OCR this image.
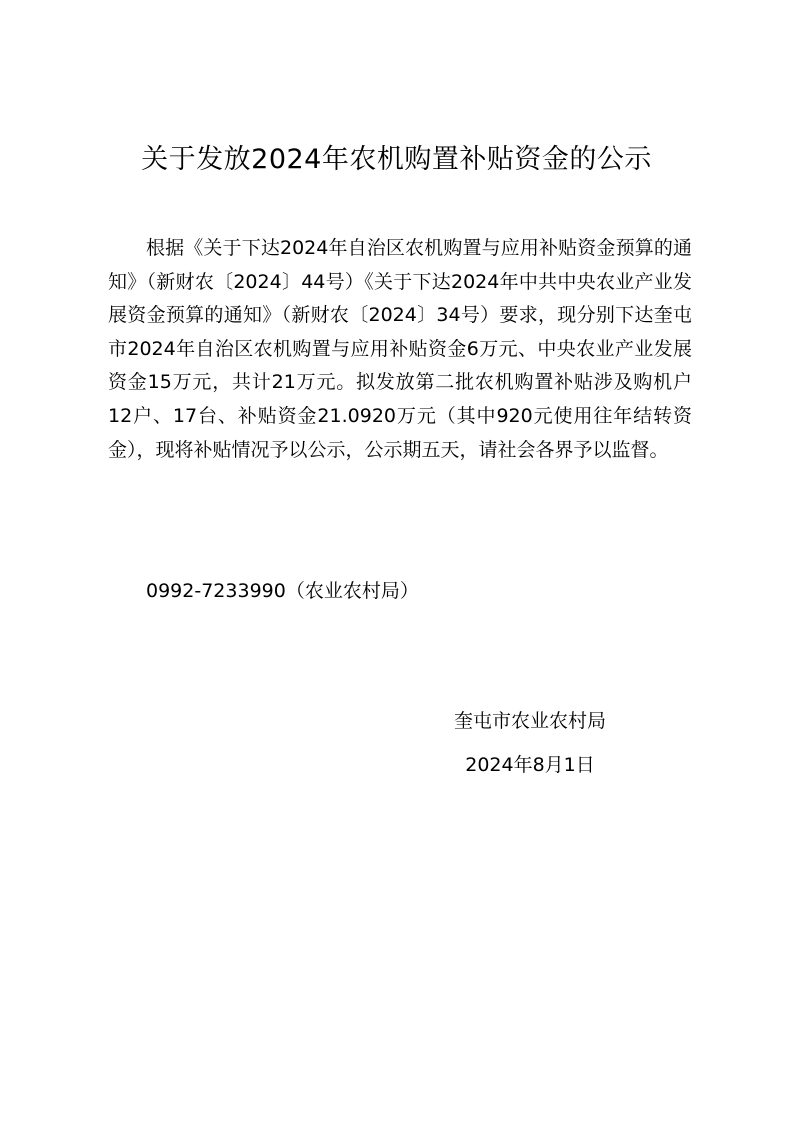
关于发放2024年农机购置补贴资金的公示

根据《关于下达2024年自治区农机购置与应用补贴资金预算的通知》（新财农〔2024〕44号）《关于下达2024年中共中央农业产业发展资金预算的通知》（新财农〔2024〕34号）要求，现分别下达奎屯市2024年自治区农机购置与应用补贴资金6万元、中央农业产业发展资金15万元，共计21万元。拟发放第二批农机购置补贴涉及购机户12户、17台、补贴资金21.0920万元（其中920元使用往年结转资金），现将补贴情况予以公示，公示期五天，请社会各界予以监督。

0992-7233990（农业农村局）
奎屯市农业农村局
2024年8月1日
